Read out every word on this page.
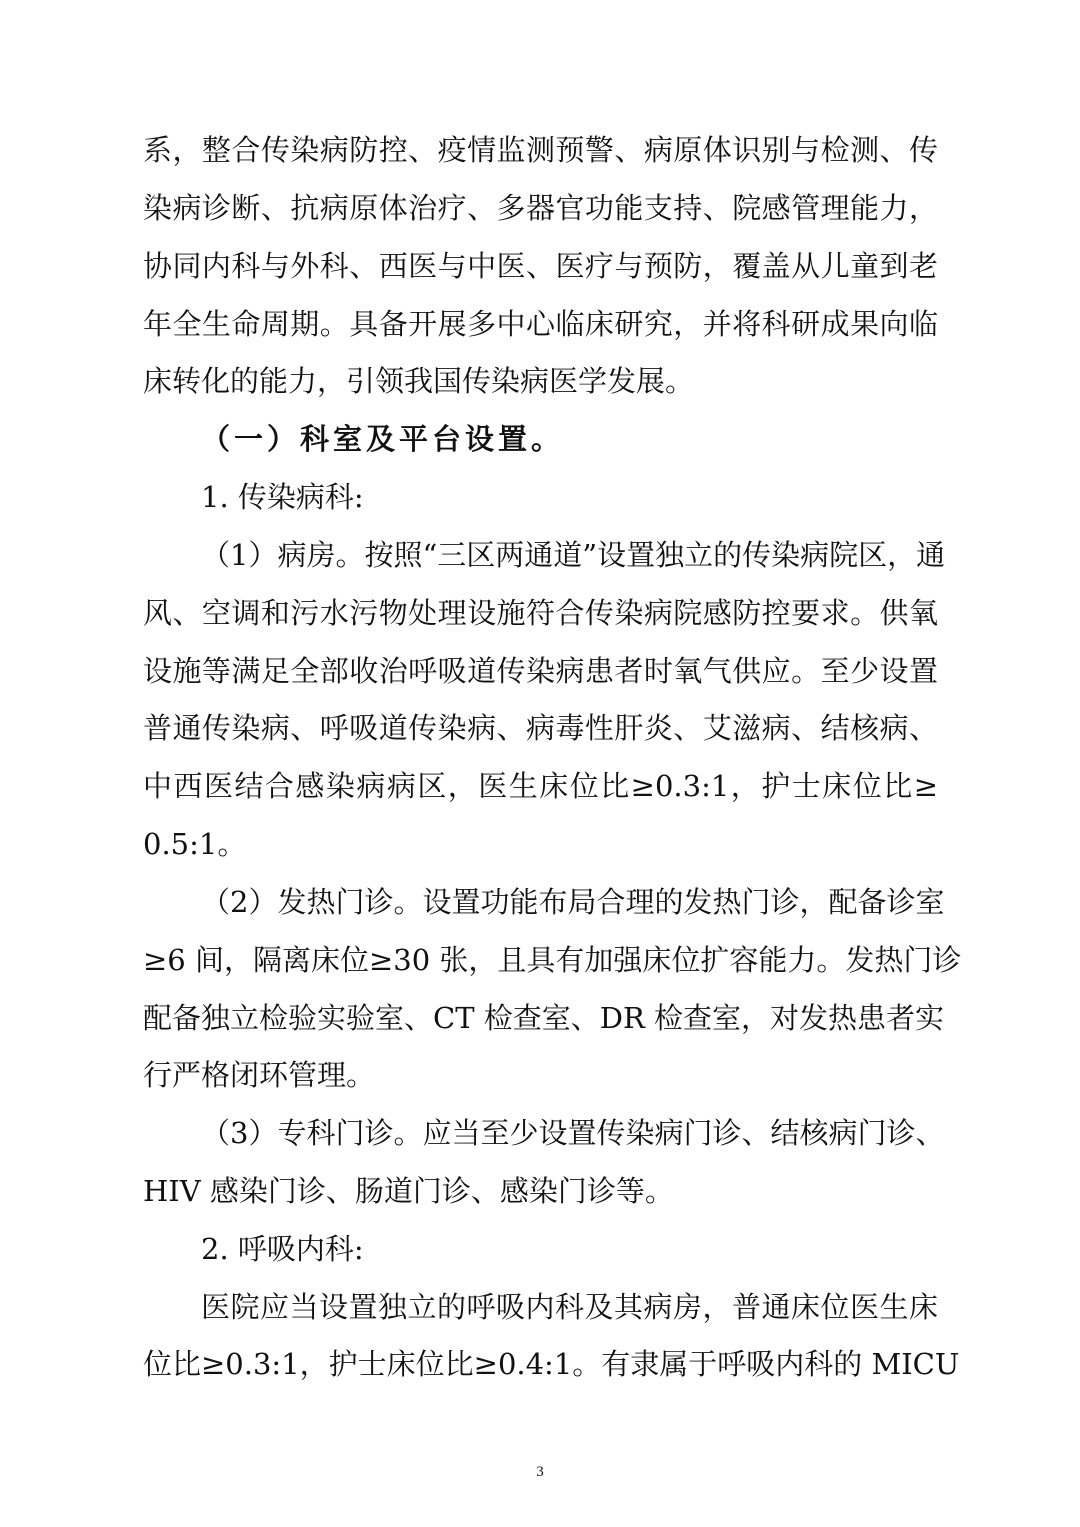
系，整合传染病防控、疫情监测预警、病原体识别与检测、传
染病诊断、抗病原体治疗、多器官功能支持、院感管理能力，
协同内科与外科、西医与中医、医疗与预防，覆盖从儿童到老
年全生命周期。具备开展多中心临床研究，并将科研成果向临
床转化的能力，引领我国传染病医学发展。
（一）科室及平台设置。
1. 传染病科:
（1）病房。按照“三区两通道”设置独立的传染病院区，通
风、空调和污水污物处理设施符合传染病院感防控要求。供氧
设施等满足全部收治呼吸道传染病患者时氧气供应。至少设置
普通传染病、呼吸道传染病、病毒性肝炎、艾滋病、结核病、
中西医结合感染病病区，医生床位比≥0.3:1，护士床位比≥
0.5:1。
（2）发热门诊。设置功能布局合理的发热门诊，配备诊室
≥6 间，隔离床位≥30 张，且具有加强床位扩容能力。发热门诊
配备独立检验实验室、CT 检查室、DR 检查室，对发热患者实
行严格闭环管理。
（3）专科门诊。应当至少设置传染病门诊、结核病门诊、
HIV 感染门诊、肠道门诊、感染门诊等。
2. 呼吸内科:
医院应当设置独立的呼吸内科及其病房，普通床位医生床
位比≥0.3:1，护士床位比≥0.4:1。有隶属于呼吸内科的 MICU
3
